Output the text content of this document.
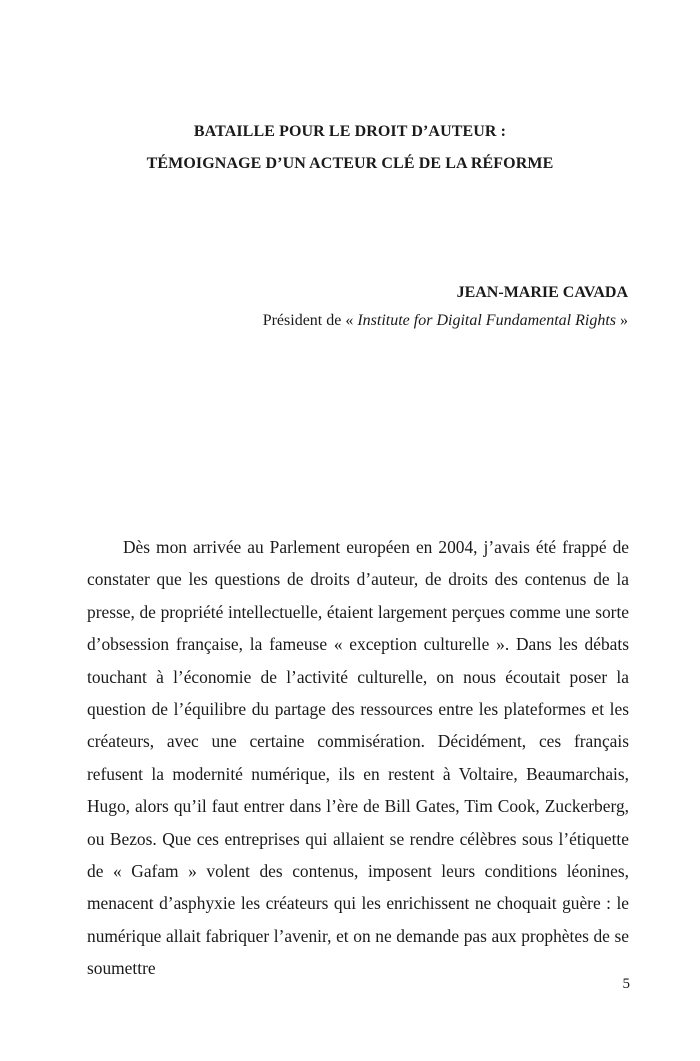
BATAILLE POUR LE DROIT D’AUTEUR :
TÉMOIGNAGE D’UN ACTEUR CLÉ DE LA RÉFORME
JEAN-MARIE CAVADA
Président de « Institute for Digital Fundamental Rights »

Dès mon arrivée au Parlement européen en 2004, j’avais été frappé de constater que les questions de droits d’auteur, de droits des contenus de la presse, de propriété intellectuelle, étaient largement perçues comme une sorte d’obsession française, la fameuse « exception culturelle ». Dans les débats touchant à l’économie de l’activité culturelle, on nous écoutait poser la question de l’équilibre du partage des ressources entre les plateformes et les créateurs, avec une certaine commisération. Décidément, ces français refusent la modernité numérique, ils en restent à Voltaire, Beaumarchais, Hugo, alors qu’il faut entrer dans l’ère de Bill Gates, Tim Cook, Zuckerberg, ou Bezos. Que ces entreprises qui allaient se rendre célèbres sous l’étiquette de « Gafam » volent des contenus, imposent leurs conditions léonines, menacent d’asphyxie les créateurs qui les enrichissent ne choquait guère : le numérique allait fabriquer l’avenir, et on ne demande pas aux prophètes de se soumettre

5
